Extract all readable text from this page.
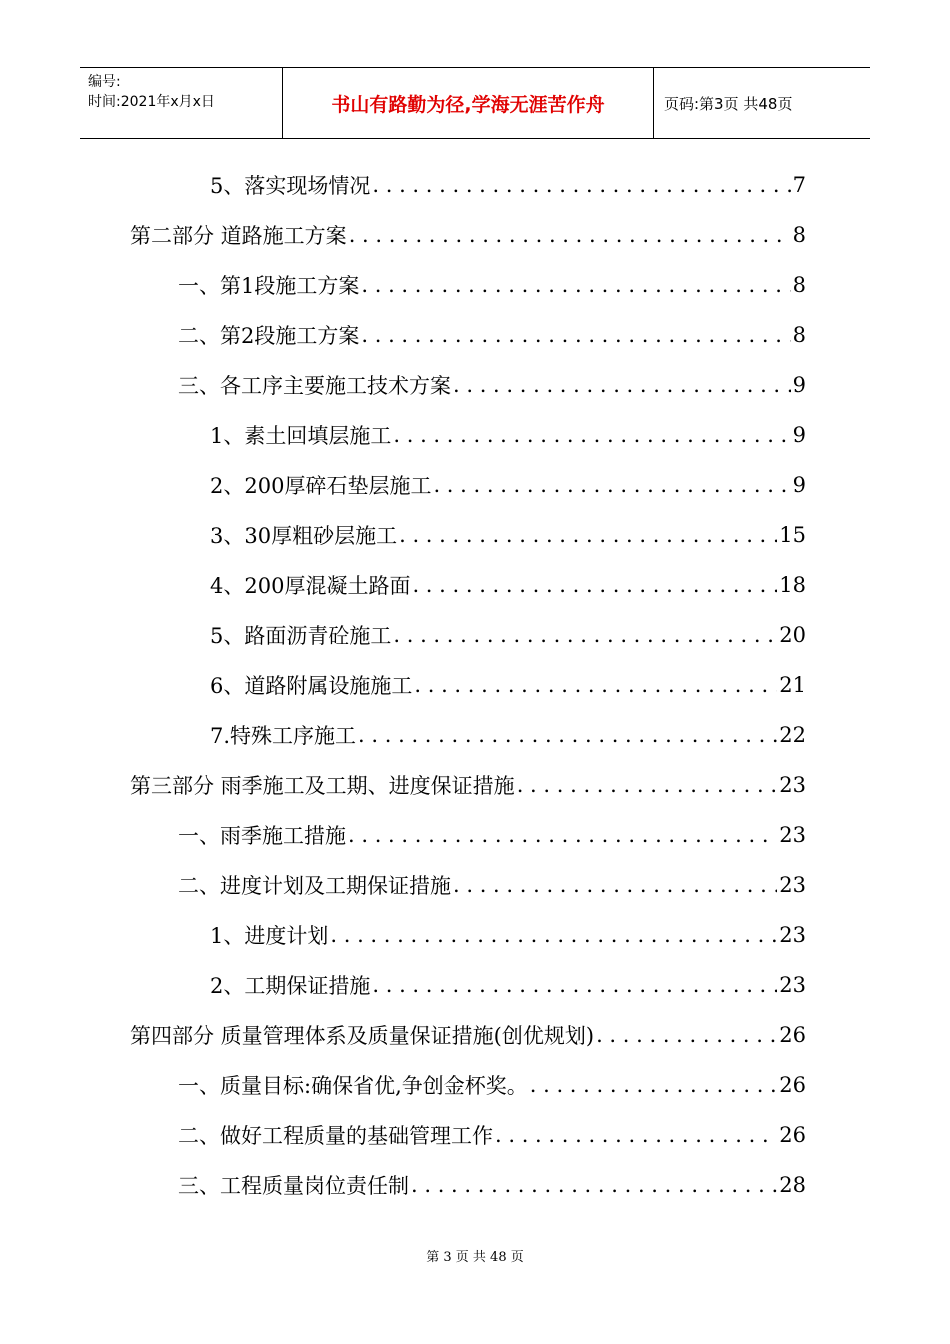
编号:
时间:2021年x月x日	书山有路勤为径,学海无涯苦作舟	页码:第3页 共48页
5、落实现场情况 . . .	7
第二部分 道路施工方案 . . .	8
一、第1段施工方案 . . .	8
二、第2段施工方案 . . .	8
三、各工序主要施工技术方案 . . .	9
1、素土回填层施工 . . .	9
2、200厚碎石垫层施工 . . .	9
3、30厚粗砂层施工 . . .	15
4、200厚混凝土路面 . . .	18
5、路面沥青砼施工 . . .	20
6、道路附属设施施工 . . .	21
7.特殊工序施工 . . .	22
第三部分 雨季施工及工期、进度保证措施 . . .	23
一、雨季施工措施 . . .	23
二、进度计划及工期保证措施 . . .	23
1、进度计划 . . .	23
2、工期保证措施 . . .	23
第四部分 质量管理体系及质量保证措施(创优规划) . . .	26
一、质量目标:确保省优,争创金杯奖。 . . .	26
二、做好工程质量的基础管理工作 . . .	26
三、工程质量岗位责任制 . . .	28
第 3 页 共 48 页
